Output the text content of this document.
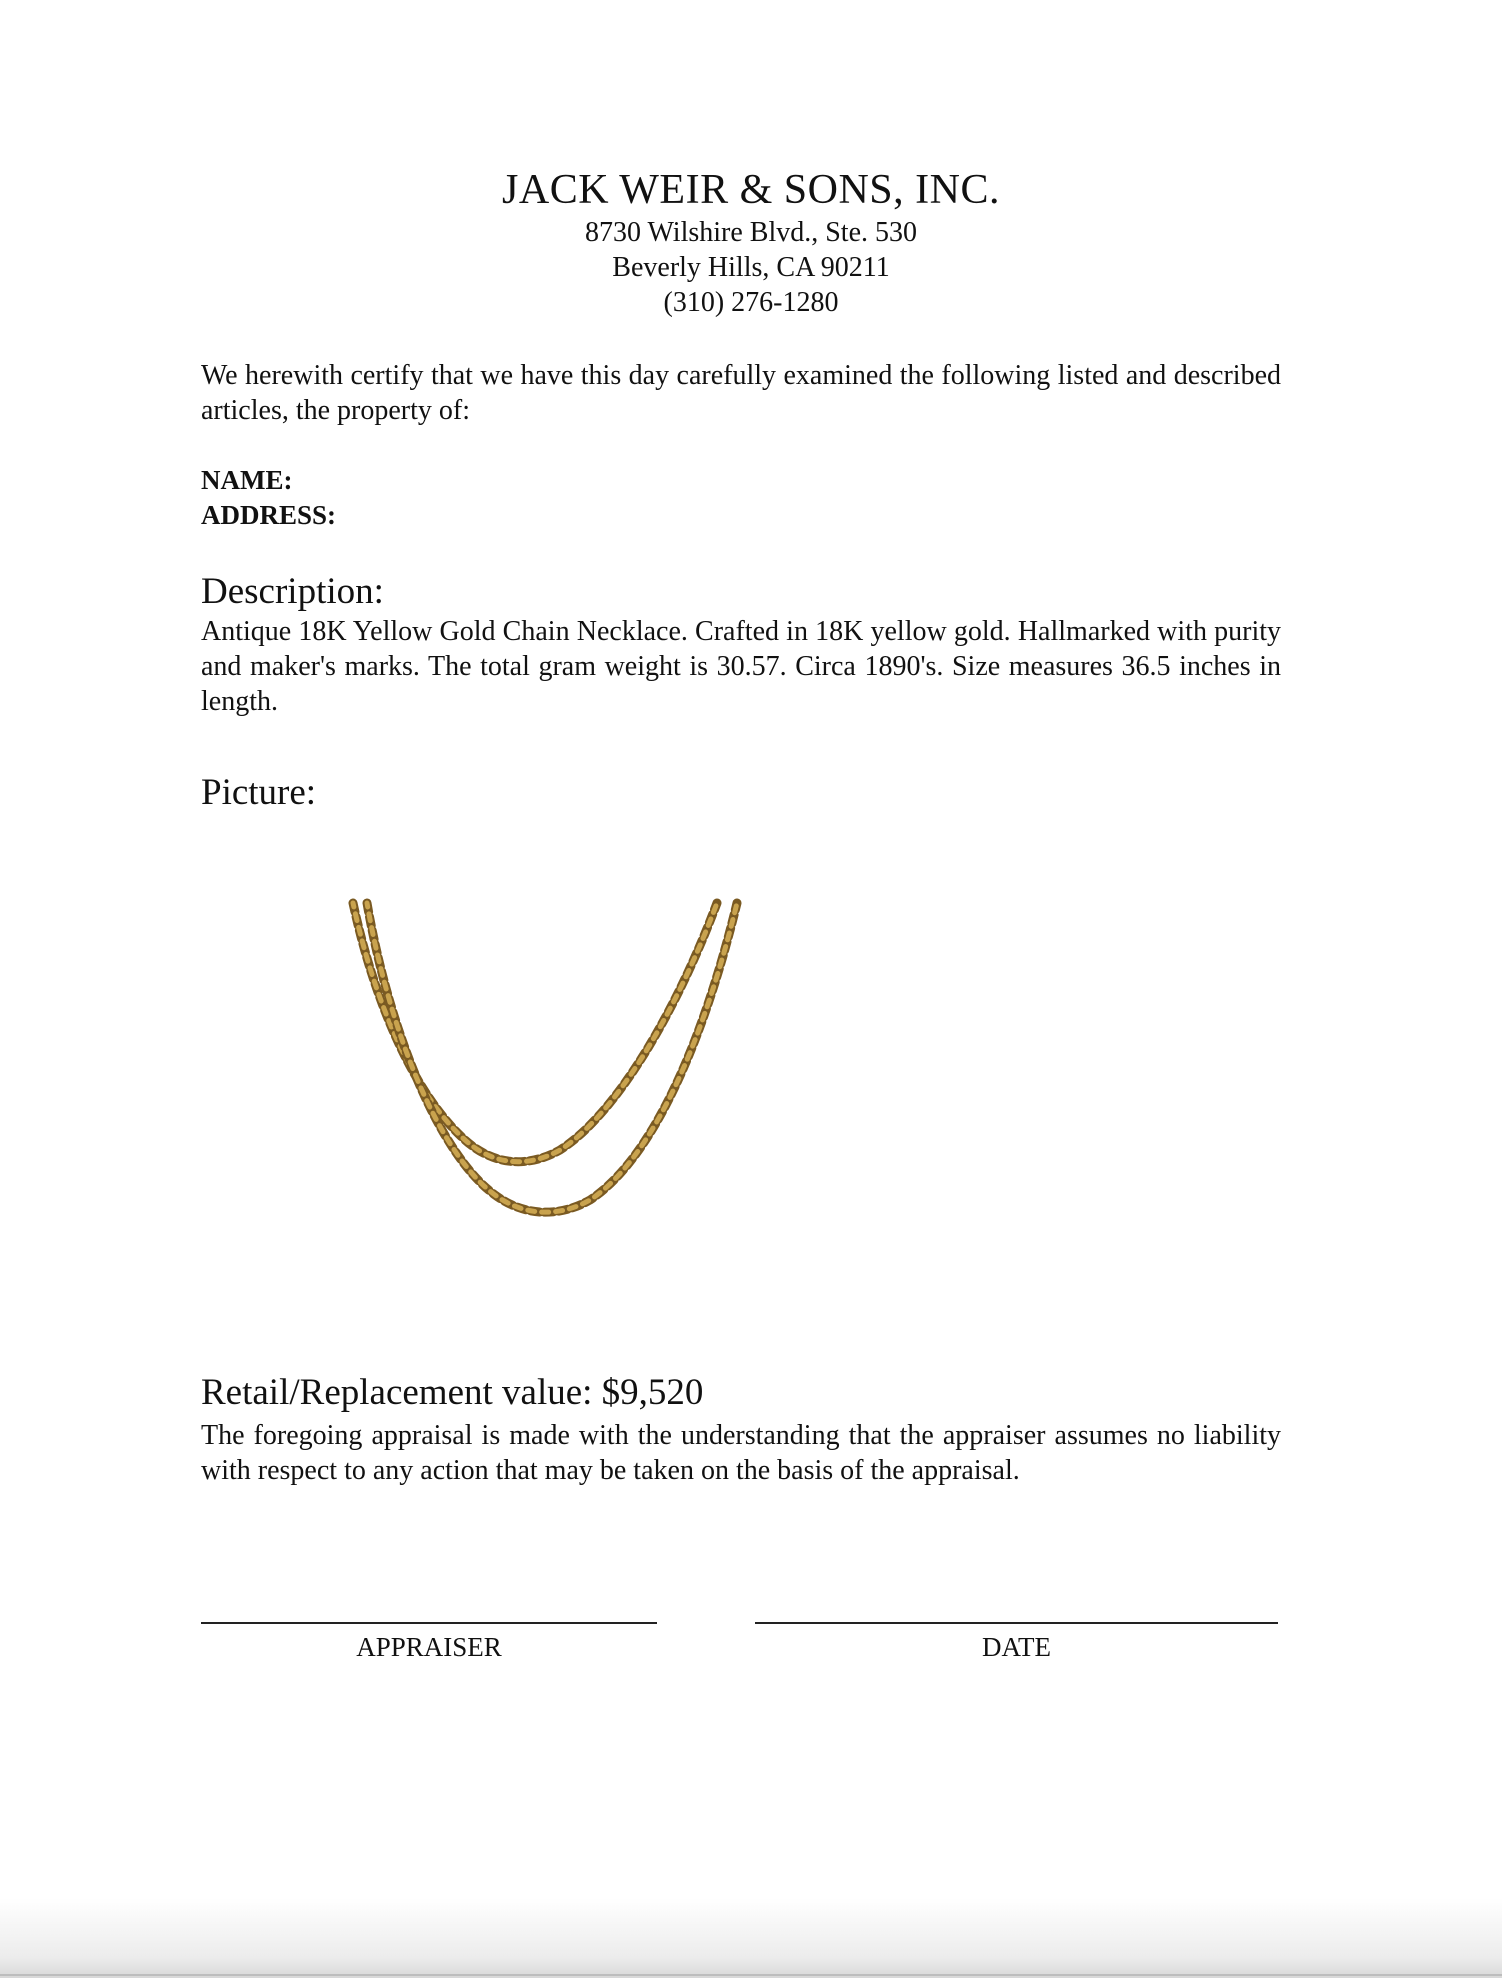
JACK WEIR & SONS, INC.
8730 Wilshire Blvd., Ste. 530
Beverly Hills, CA 90211
(310) 276-1280
We herewith certify that we have this day carefully examined the following listed and described articles, the property of:
NAME:
ADDRESS:
Description:
Antique 18K Yellow Gold Chain Necklace. Crafted in 18K yellow gold. Hallmarked with purity and maker's marks. The total gram weight is 30.57. Circa 1890's. Size measures 36.5 inches in length.
Picture:
Retail/Replacement value: $9,520
The foregoing appraisal is made with the understanding that the appraiser assumes no liability with respect to any action that may be taken on the basis of the appraisal.
APPRAISER	DATE
